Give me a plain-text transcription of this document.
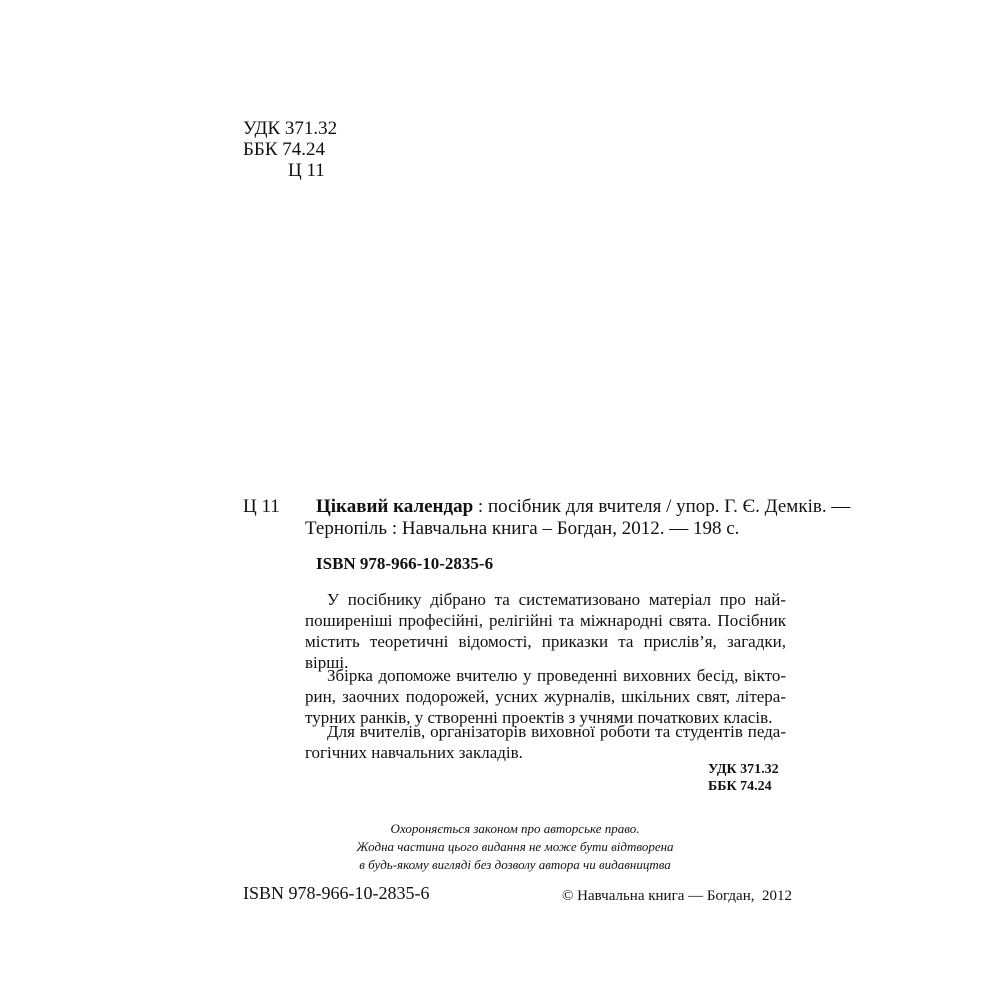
УДК 371.32
ББК 74.24
Ц 11
Ц 11 Цікавий календар : посібник для вчителя / упор. Г. Є. Демків. —
Тернопіль : Навчальна книга – Богдан, 2012. — 198 с.
ISBN 978-966-10-2835-6
У посібнику дібрано та систематизовано матеріал про най-
поширеніші професійні, релігійні та міжнародні свята. Посібник
містить теоретичні відомості, приказки та прислів’я, загадки,
вірші.
Збірка допоможе вчителю у проведенні виховних бесід, вікто-
рин, заочних подорожей, усних журналів, шкільних свят, літера-
турних ранків, у створенні проектів з учнями початкових класів.
Для вчителів, організаторів виховної роботи та студентів педа-
гогічних навчальних закладів.
УДК 371.32
ББК 74.24
Охороняється законом про авторське право.
Жодна частина цього видання не може бути відтворена
в будь-якому вигляді без дозволу автора чи видавництва
ISBN 978-966-10-2835-6	© Навчальна книга — Богдан,  2012
